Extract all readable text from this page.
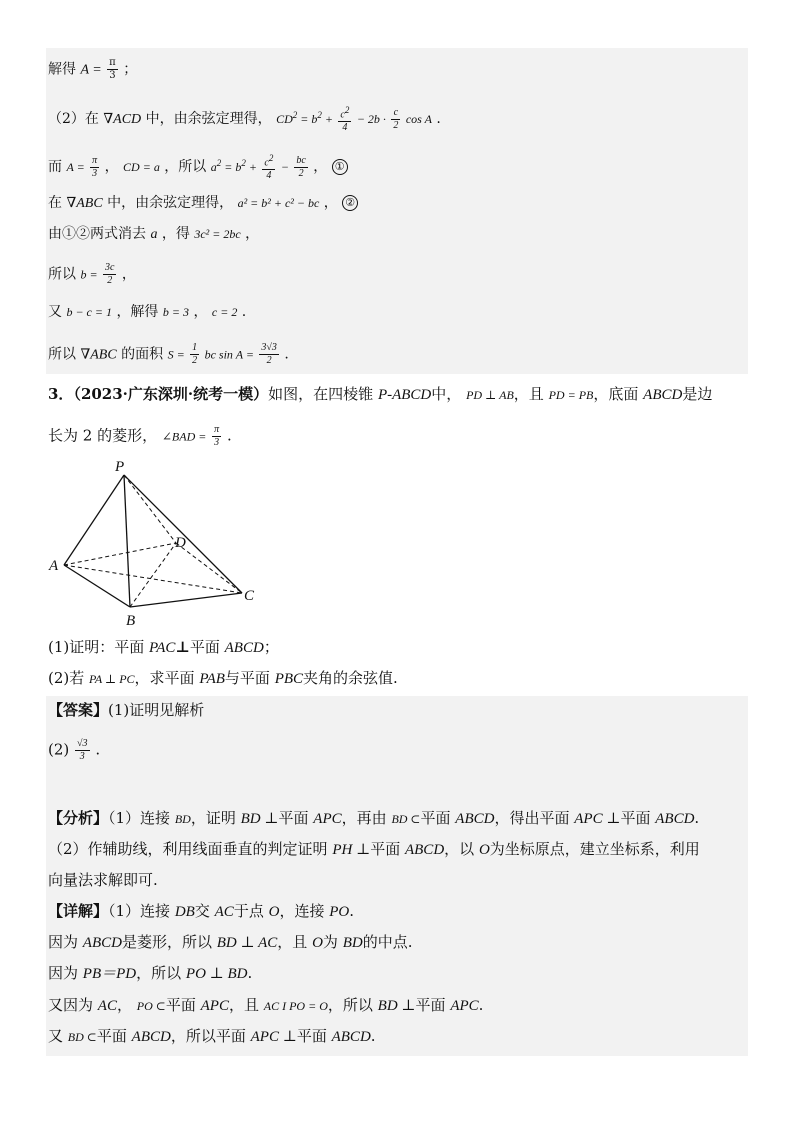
解得 $A = \frac{\pi}{3}$ ；
（2）在 ∇ACD 中，由余弦定理得， $CD^2 = b^2 + \frac{c^2}{4} - 2b \cdot \frac{c}{2}$ cos A .
而 $A = \frac{\pi}{3}$ ， CD = a ，所以 $a^2 = b^2 + \frac{c^2}{4} - \frac{bc}{2}$ ， ①
在 ∇ABC 中，由余弦定理得， a² = b² + c² − bc ， ②
由①②两式消去 a ，得 3c² = 2bc ，
所以 $b = \frac{3c}{2}$ ，
又 b − c = 1 ，解得 b = 3 ， c = 2 .
所以 ∇ABC 的面积 $S = \frac{1}{2}$ bc $\sin A = \frac{3√3}{2}$ .
3．（2023·广东深圳·统考一模）如图，在四棱锥 P-ABCD中， PD ⊥ AB，且 PD = PB，底面 ABCD是边
长为 2 的菱形， ∠BAD = $\frac{\pi}{3}$ .
P
A
B
C
D
(1)证明：平面 PAC⊥平面 ABCD；
(2)若 PA ⊥ PC，求平面 PAB与平面 PBC夹角的余弦值.
【答案】(1)证明见解析
$(2) \frac{√3}{3}$ .
【分析】（1）连接 BD，证明 BD ⊥平面 APC，再由 BD ⊂平面 ABCD，得出平面 APC ⊥平面 ABCD.
（2）作辅助线，利用线面垂直的判定证明 PH ⊥平面 ABCD，以 O为坐标原点，建立坐标系，利用
向量法求解即可.
【详解】（1）连接 DB交 AC于点 O，连接 PO.
因为 ABCD是菱形，所以 BD ⊥ AC，且 O为 BD的中点.
因为 PB＝PD，所以 PO ⊥ BD.
又因为 AC， PO ⊂平面 APC，且 AC I PO = O，所以 BD ⊥平面 APC.
又 BD ⊂平面 ABCD，所以平面 APC ⊥平面 ABCD.
